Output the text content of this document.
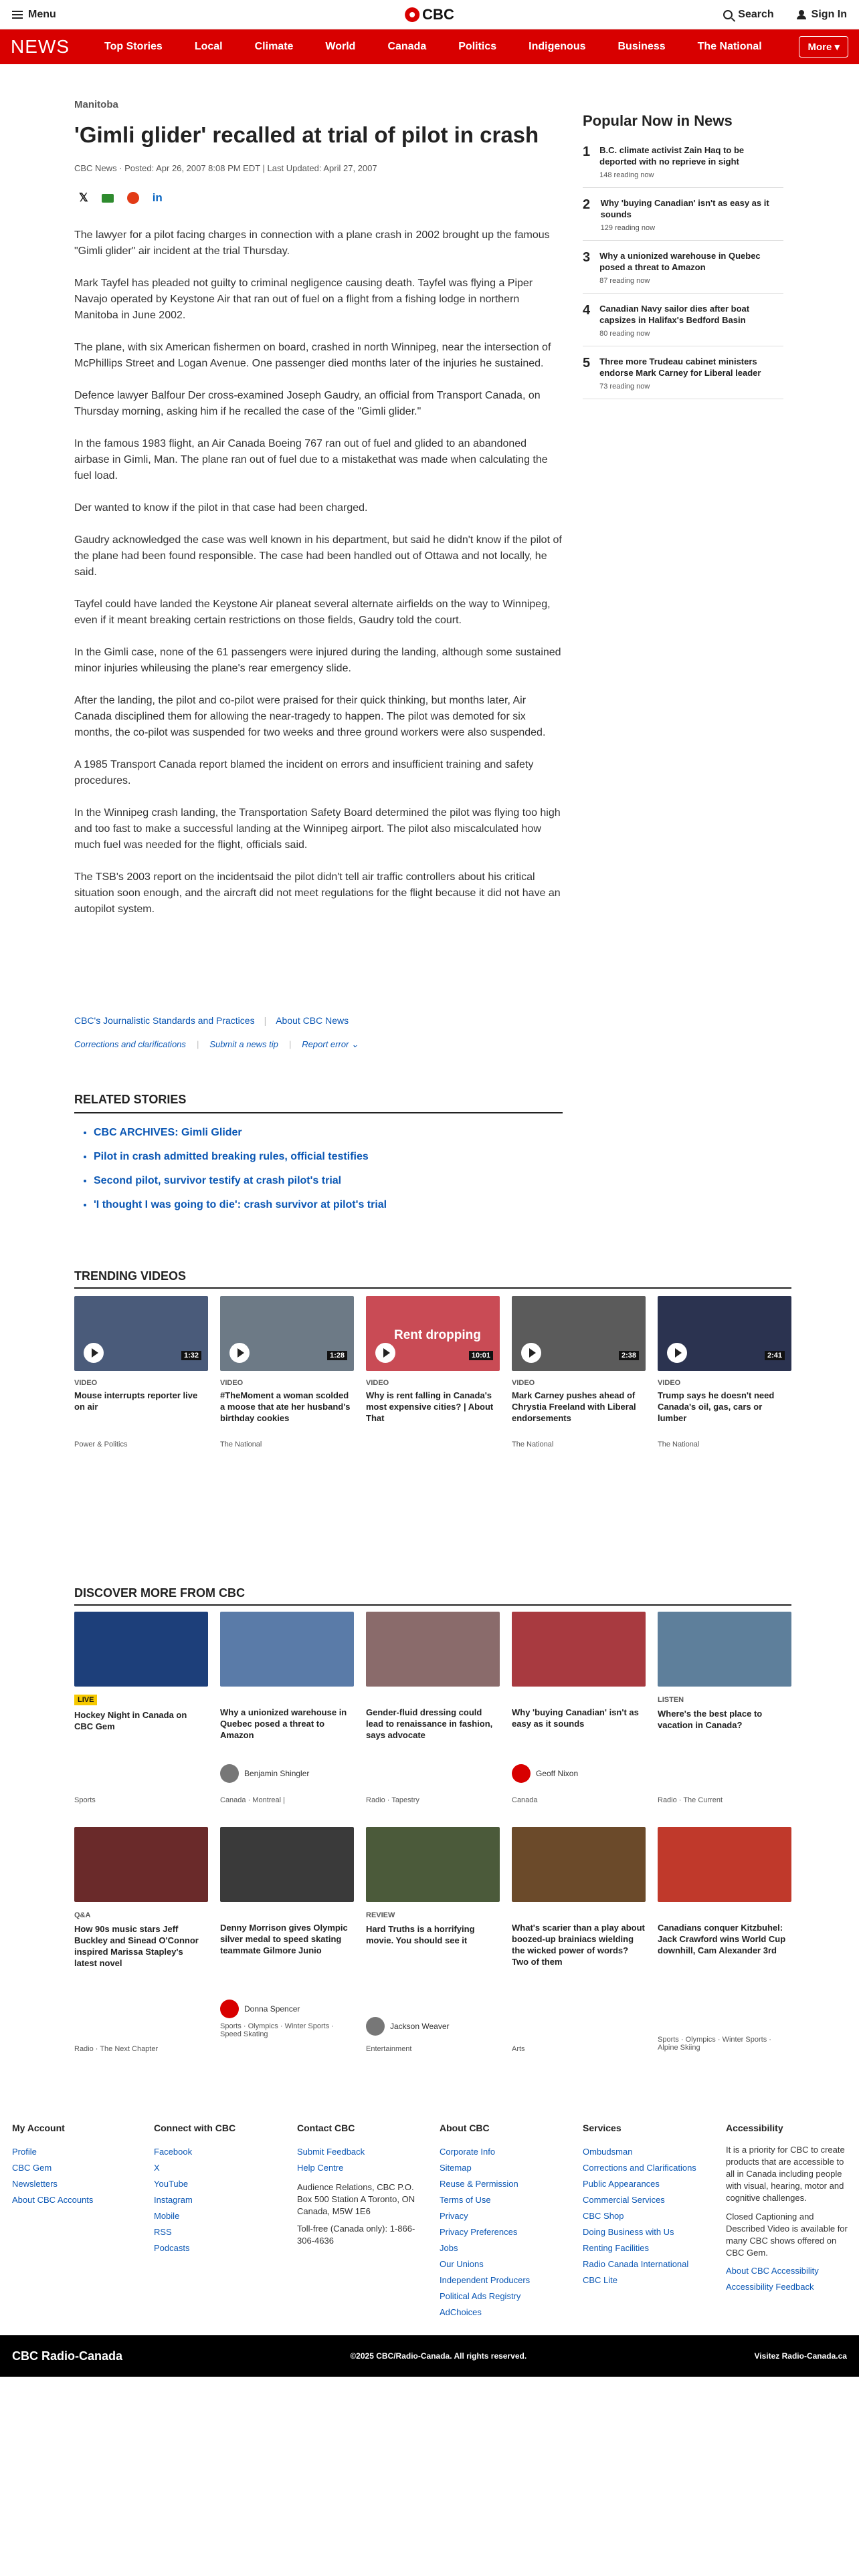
Menu	CBC	Search	Sign In
NEWS	Top Stories	Local	Climate	World	Canada	Politics	Indigenous	Business	The National	More ▾
Manitoba
'Gimli glider' recalled at trial of pilot in crash
CBC News · Posted: Apr 26, 2007 8:08 PM EDT | Last Updated: April 27, 2007
𝕏	in

The lawyer for a pilot facing charges in connection with a plane crash in 2002 brought up the famous "Gimli glider" air incident at the trial Thursday.

Mark Tayfel has pleaded not guilty to criminal negligence causing death. Tayfel was flying a Piper Navajo operated by Keystone Air that ran out of fuel on a flight from a fishing lodge in northern Manitoba in June 2002.

The plane, with six American fishermen on board, crashed in north Winnipeg, near the intersection of McPhillips Street and Logan Avenue. One passenger died months later of the injuries he sustained.

Defence lawyer Balfour Der cross-examined Joseph Gaudry, an official from Transport Canada, on Thursday morning, asking him if he recalled the case of the "Gimli glider."

In the famous 1983 flight, an Air Canada Boeing 767 ran out of fuel and glided to an abandoned airbase in Gimli, Man. The plane ran out of fuel due to a mistakethat was made when calculating the fuel load.

Der wanted to know if the pilot in that case had been charged.

Gaudry acknowledged the case was well known in his department, but said he didn't know if the pilot of the plane had been found responsible. The case had been handled out of Ottawa and not locally, he said.

Tayfel could have landed the Keystone Air planeat several alternate airfields on the way to Winnipeg, even if it meant breaking certain restrictions on those fields, Gaudry told the court.

In the Gimli case, none of the 61 passengers were injured during the landing, although some sustained minor injuries whileusing the plane's rear emergency slide.

After the landing, the pilot and co-pilot were praised for their quick thinking, but months later, Air Canada disciplined them for allowing the near-tragedy to happen. The pilot was demoted for six months, the co-pilot was suspended for two weeks and three ground workers were also suspended.

A 1985 Transport Canada report blamed the incident on errors and insufficient training and safety procedures.

In the Winnipeg crash landing, the Transportation Safety Board determined the pilot was flying too high and too fast to make a successful landing at the Winnipeg airport. The pilot also miscalculated how much fuel was needed for the flight, officials said.

The TSB's 2003 report on the incidentsaid the pilot didn't tell air traffic controllers about his critical situation soon enough, and the aircraft did not meet regulations for the flight because it did not have an autopilot system.

CBC's Journalistic Standards and Practices | About CBC News
Corrections and clarifications | Submit a news tip | Report error ⌄
RELATED STORIES
• CBC ARCHIVES: Gimli Glider
• Pilot in crash admitted breaking rules, official testifies
• Second pilot, survivor testify at crash pilot's trial
• 'I thought I was going to die': crash survivor at pilot's trial
Popular Now in News
1 B.C. climate activist Zain Haq to be deported with no reprieve in sight
148 reading now
2 Why 'buying Canadian' isn't as easy as it sounds
129 reading now
3 Why a unionized warehouse in Quebec posed a threat to Amazon
87 reading now
4 Canadian Navy sailor dies after boat capsizes in Halifax's Bedford Basin
80 reading now
5 Three more Trudeau cabinet ministers endorse Mark Carney for Liberal leader
73 reading now
TRENDING VIDEOS
1:32
VIDEO
Mouse interrupts reporter live on air
Power & Politics
1:28
VIDEO
#TheMoment a woman scolded a moose that ate her husband's birthday cookies
The National
Rent dropping
10:01
VIDEO
Why is rent falling in Canada's most expensive cities? | About That
2:38
VIDEO
Mark Carney pushes ahead of Chrystia Freeland with Liberal endorsements
The National
2:41
VIDEO
Trump says he doesn't need Canada's oil, gas, cars or lumber
The National
DISCOVER MORE FROM CBC
LIVE
Hockey Night in Canada on CBC Gem
Sports
Why a unionized warehouse in Quebec posed a threat to Amazon
Benjamin Shingler
Canada · Montreal |
Gender-fluid dressing could lead to renaissance in fashion, says advocate
Radio · Tapestry
Why 'buying Canadian' isn't as easy as it sounds
Geoff Nixon
Canada
LISTEN
Where's the best place to vacation in Canada?
Radio · The Current
Q&A
How 90s music stars Jeff Buckley and Sinead O'Connor inspired Marissa Stapley's latest novel
Radio · The Next Chapter
Denny Morrison gives Olympic silver medal to speed skating teammate Gilmore Junio
Donna Spencer
Sports · Olympics · Winter Sports · Speed Skating
REVIEW
Hard Truths is a horrifying movie. You should see it
Jackson Weaver
Entertainment
What's scarier than a play about boozed-up brainiacs wielding the wicked power of words? Two of them
Arts
Canadians conquer Kitzbuhel: Jack Crawford wins World Cup downhill, Cam Alexander 3rd
Sports · Olympics · Winter Sports · Alpine Skiing
My Account
Profile
CBC Gem
Newsletters
About CBC Accounts
Connect with CBC
Facebook
X
YouTube
Instagram
Mobile
RSS
Podcasts
Contact CBC
Submit Feedback
Help Centre

Audience Relations, CBC P.O. Box 500 Station A Toronto, ON Canada, M5W 1E6

Toll-free (Canada only): 1-866-306-4636

About CBC
Corporate Info
Sitemap
Reuse & Permission
Terms of Use
Privacy
Privacy Preferences
Jobs
Our Unions
Independent Producers
Political Ads Registry
AdChoices
Services
Ombudsman
Corrections and Clarifications
Public Appearances
Commercial Services
CBC Shop
Doing Business with Us
Renting Facilities
Radio Canada International
CBC Lite
Accessibility

It is a priority for CBC to create products that are accessible to all in Canada including people with visual, hearing, motor and cognitive challenges.

Closed Captioning and Described Video is available for many CBC shows offered on CBC Gem.

About CBC Accessibility
Accessibility Feedback
CBC Radio-Canada	©2025 CBC/Radio-Canada. All rights reserved.	Visitez Radio-Canada.ca
